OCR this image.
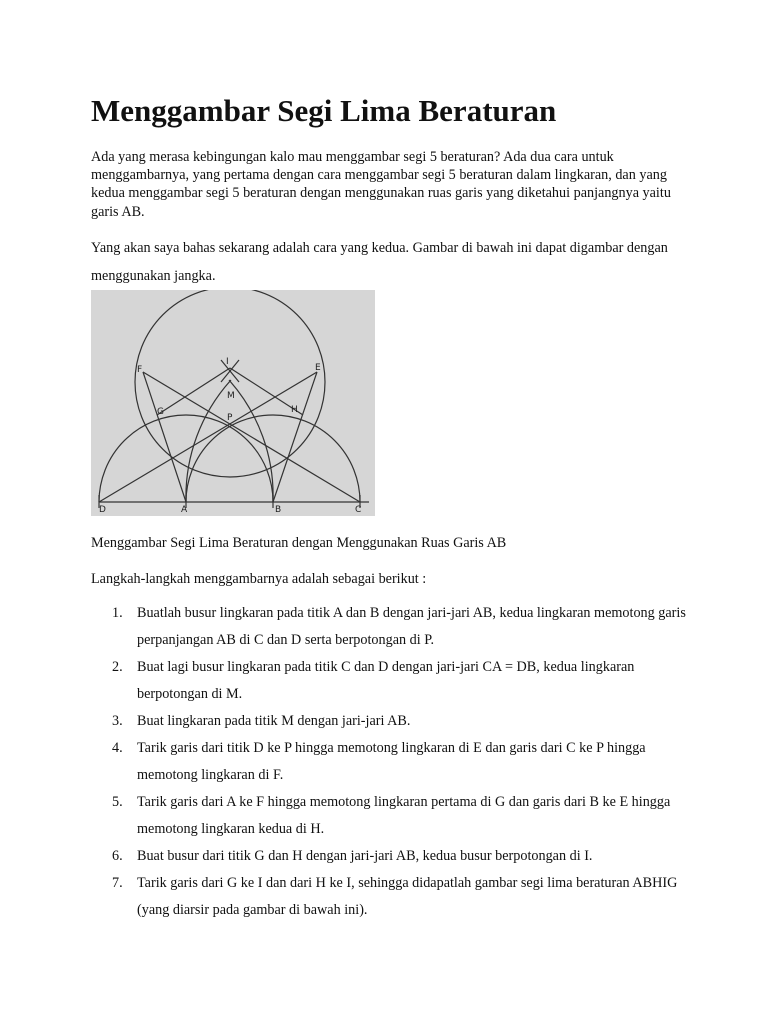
Menggambar Segi Lima Beraturan

Ada yang merasa kebingungan kalo mau menggambar segi 5 beraturan? Ada dua cara untuk menggambarnya, yang pertama dengan cara menggambar segi 5 beraturan dalam lingkaran, dan yang kedua menggambar segi 5 beraturan dengan menggunakan ruas garis yang diketahui panjangnya yaitu garis AB.

Yang akan saya bahas sekarang adalah cara yang kedua. Gambar di bawah ini dapat digambar dengan menggunakan jangka.

D	A	B	C
F	E
G	H
I
M
P

Menggambar Segi Lima Beraturan dengan Menggunakan Ruas Garis AB

Langkah-langkah menggambarnya adalah sebagai berikut :

1. Buatlah busur lingkaran pada titik A dan B dengan jari-jari AB, kedua lingkaran memotong garis perpanjangan AB di C dan D serta berpotongan di P.
2. Buat lagi busur lingkaran pada titik C dan D dengan jari-jari CA = DB, kedua lingkaran berpotongan di M.
3. Buat lingkaran pada titik M dengan jari-jari AB.
4. Tarik garis dari titik D ke P hingga memotong lingkaran di E dan garis dari C ke P hingga memotong lingkaran di F.
5. Tarik garis dari A ke F hingga memotong lingkaran pertama di G dan garis dari B ke E hingga memotong lingkaran kedua di H.
6. Buat busur dari titik G dan H dengan jari-jari AB, kedua busur berpotongan di I.
7. Tarik garis dari G ke I dan dari H ke I, sehingga didapatlah gambar segi lima beraturan ABHIG (yang diarsir pada gambar di bawah ini).
